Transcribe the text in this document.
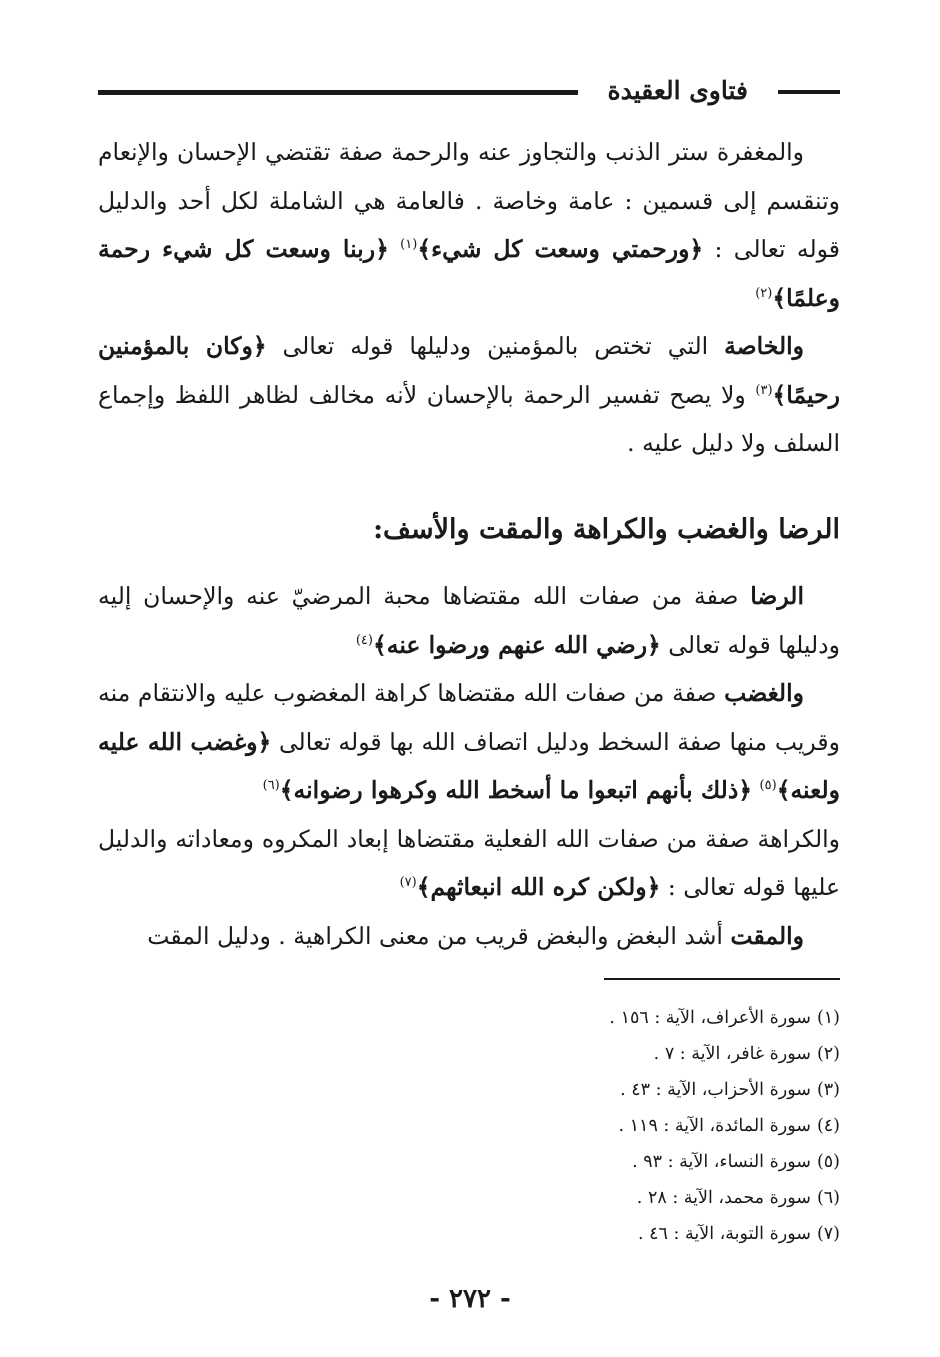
فتاوى العقيدة

والمغفرة ستر الذنب والتجاوز عنه والرحمة صفة تقتضي الإحسان والإنعام وتنقسم إلى قسمين : عامة وخاصة . فالعامة هي الشاملة لكل أحد والدليل قوله تعالى : ﴿ورحمتي وسعت كل شيء﴾$^{(١)}$ ﴿ربنا وسعت كل شيء رحمة وعلمًا﴾$^{(٢)}$

والخاصة التي تختص بالمؤمنين ودليلها قوله تعالى ﴿وكان بالمؤمنين رحيمًا﴾$^{(٣)}$ ولا يصح تفسير الرحمة بالإحسان لأنه مخالف لظاهر اللفظ وإجماع السلف ولا دليل عليه .

الرضا والغضب والكراهة والمقت والأسف:

الرضا صفة من صفات الله مقتضاها محبة المرضيّ عنه والإحسان إليه ودليلها قوله تعالى ﴿رضي الله عنهم ورضوا عنه﴾$^{(٤)}$

والغضب صفة من صفات الله مقتضاها كراهة المغضوب عليه والانتقام منه وقريب منها صفة السخط ودليل اتصاف الله بها قوله تعالى ﴿وغضب الله عليه ولعنه﴾$^{(٥)}$ ﴿ذلك بأنهم اتبعوا ما أسخط الله وكرهوا رضوانه﴾$^{(٦)}$

والكراهة صفة من صفات الله الفعلية مقتضاها إبعاد المكروه ومعاداته والدليل عليها قوله تعالى : ﴿ولكن كره الله انبعاثهم﴾$^{(٧)}$

والمقت أشد البغض والبغض قريب من معنى الكراهية . ودليل المقت

(١)سورة الأعراف، الآية : ١٥٦ .
(٢)سورة غافر، الآية : ٧ .
(٣)سورة الأحزاب، الآية : ٤٣ .
(٤)سورة المائدة، الآية : ١١٩ .
(٥)سورة النساء، الآية : ٩٣ .
(٦)سورة محمد، الآية : ٢٨ .
(٧)سورة التوبة، الآية : ٤٦ .
- ٢٧٢ -
